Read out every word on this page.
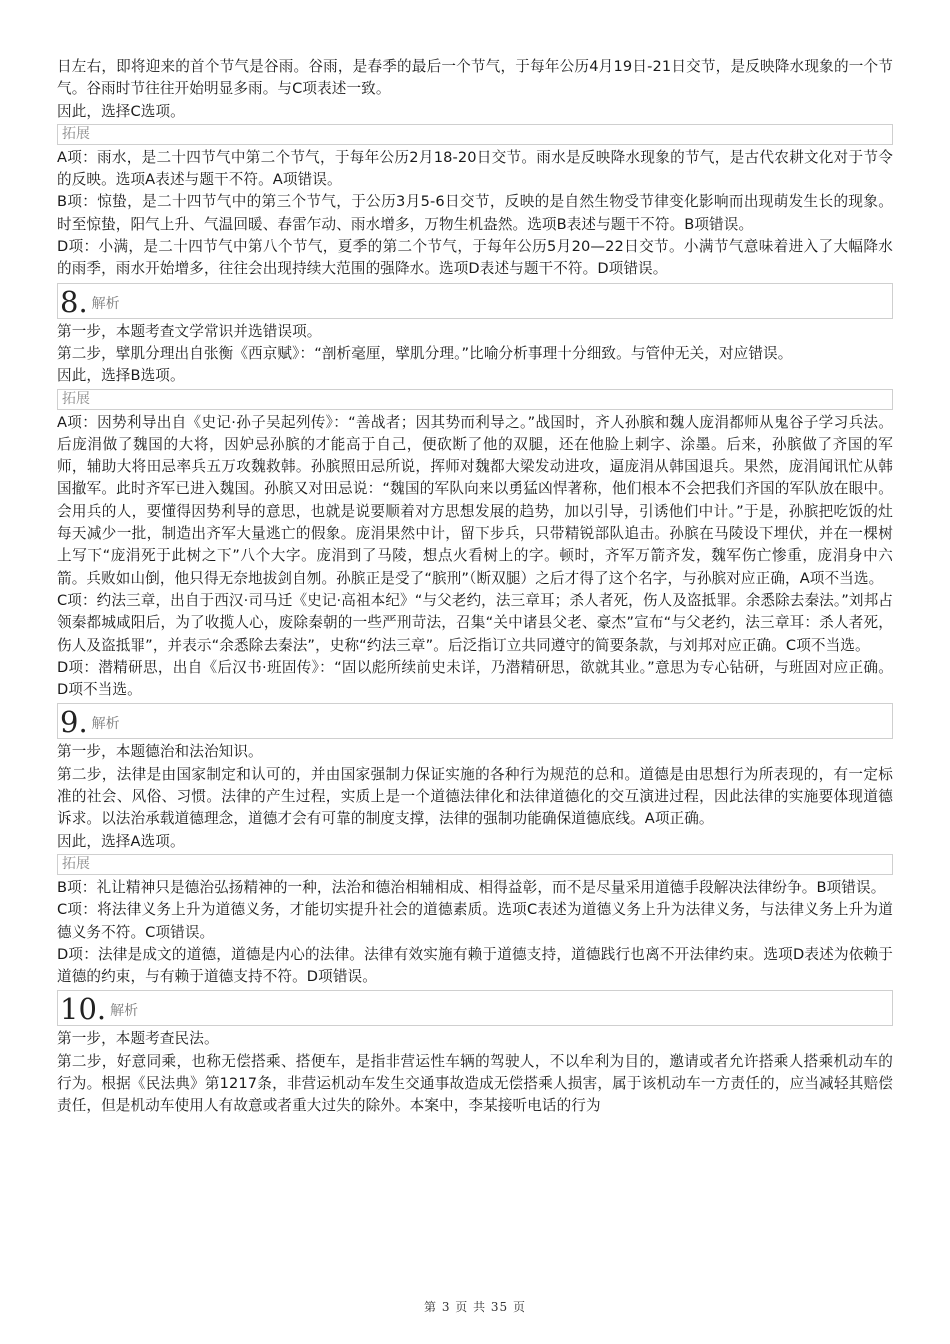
日左右，即将迎来的首个节气是谷雨。谷雨，是春季的最后一个节气，于每年公历4月19日-21日交节，是反映降水现象的一个节气。谷雨时节往往开始明显多雨。与C项表述一致。

因此，选择C选项。

拓展

A项：雨水，是二十四节气中第二个节气，于每年公历2月18-20日交节。雨水是反映降水现象的节气，是古代农耕文化对于节令的反映。选项A表述与题干不符。A项错误。

B项：惊蛰，是二十四节气中的第三个节气，于公历3月5-6日交节，反映的是自然生物受节律变化影响而出现萌发生长的现象。时至惊蛰，阳气上升、气温回暖、春雷乍动、雨水增多，万物生机盎然。选项B表述与题干不符。B项错误。

D项：小满，是二十四节气中第八个节气，夏季的第二个节气，于每年公历5月20—22日交节。小满节气意味着进入了大幅降水的雨季，雨水开始增多，往往会出现持续大范围的强降水。选项D表述与题干不符。D项错误。

8. 解析

第一步，本题考查文学常识并选错误项。

第二步，擘肌分理出自张衡《西京赋》：“剖析毫厘，擘肌分理。”比喻分析事理十分细致。与管仲无关，对应错误。

因此，选择B选项。

拓展

A项：因势利导出自《史记·孙子吴起列传》：“善战者；因其势而利导之。”战国时，齐人孙膑和魏人庞涓都师从鬼谷子学习兵法。后庞涓做了魏国的大将，因妒忌孙膑的才能高于自己，便砍断了他的双腿，还在他脸上刺字、涂墨。后来，孙膑做了齐国的军师，辅助大将田忌率兵五万攻魏救韩。孙膑照田忌所说，挥师对魏都大梁发动进攻，逼庞涓从韩国退兵。果然，庞涓闻讯忙从韩国撤军。此时齐军已进入魏国。孙膑又对田忌说：“魏国的军队向来以勇猛凶悍著称，他们根本不会把我们齐国的军队放在眼中。会用兵的人，要懂得因势利导的意思，也就是说要顺着对方思想发展的趋势，加以引导，引诱他们中计。”于是，孙膑把吃饭的灶每天减少一批，制造出齐军大量逃亡的假象。庞涓果然中计，留下步兵，只带精锐部队追击。孙膑在马陵设下埋伏，并在一棵树上写下“庞涓死于此树之下”八个大字。庞涓到了马陵，想点火看树上的字。顿时，齐军万箭齐发，魏军伤亡惨重，庞涓身中六箭。兵败如山倒，他只得无奈地拔剑自刎。孙膑正是受了“膑刑”（断双腿）之后才得了这个名字，与孙膑对应正确，A项不当选。

C项：约法三章，出自于西汉·司马迁《史记·高祖本纪》“与父老约，法三章耳；杀人者死，伤人及盗抵罪。余悉除去秦法。”刘邦占领秦都城咸阳后，为了收揽人心，废除秦朝的一些严刑苛法，召集“关中诸县父老、豪杰”宣布“与父老约，法三章耳：杀人者死，伤人及盗抵罪”，并表示“余悉除去秦法”，史称“约法三章”。后泛指订立共同遵守的简要条款，与刘邦对应正确。C项不当选。

D项：潜精研思，出自《后汉书·班固传》：“固以彪所续前史未详，乃潜精研思，欲就其业。”意思为专心钻研，与班固对应正确。D项不当选。

9. 解析

第一步，本题德治和法治知识。

第二步，法律是由国家制定和认可的，并由国家强制力保证实施的各种行为规范的总和。道德是由思想行为所表现的，有一定标准的社会、风俗、习惯。法律的产生过程，实质上是一个道德法律化和法律道德化的交互演进过程，因此法律的实施要体现道德诉求。以法治承载道德理念，道德才会有可靠的制度支撑，法律的强制功能确保道德底线。A项正确。

因此，选择A选项。

拓展

B项：礼让精神只是德治弘扬精神的一种，法治和德治相辅相成、相得益彰，而不是尽量采用道德手段解决法律纷争。B项错误。

C项：将法律义务上升为道德义务，才能切实提升社会的道德素质。选项C表述为道德义务上升为法律义务，与法律义务上升为道德义务不符。C项错误。

D项：法律是成文的道德，道德是内心的法律。法律有效实施有赖于道德支持，道德践行也离不开法律约束。选项D表述为依赖于道德的约束，与有赖于道德支持不符。D项错误。

10. 解析

第一步，本题考查民法。

第二步，好意同乘，也称无偿搭乘、搭便车，是指非营运性车辆的驾驶人，不以牟利为目的，邀请或者允许搭乘人搭乘机动车的行为。根据《民法典》第1217条，非营运机动车发生交通事故造成无偿搭乘人损害，属于该机动车一方责任的，应当减轻其赔偿责任，但是机动车使用人有故意或者重大过失的除外。本案中，李某接听电话的行为

第 3 页 共 35 页
